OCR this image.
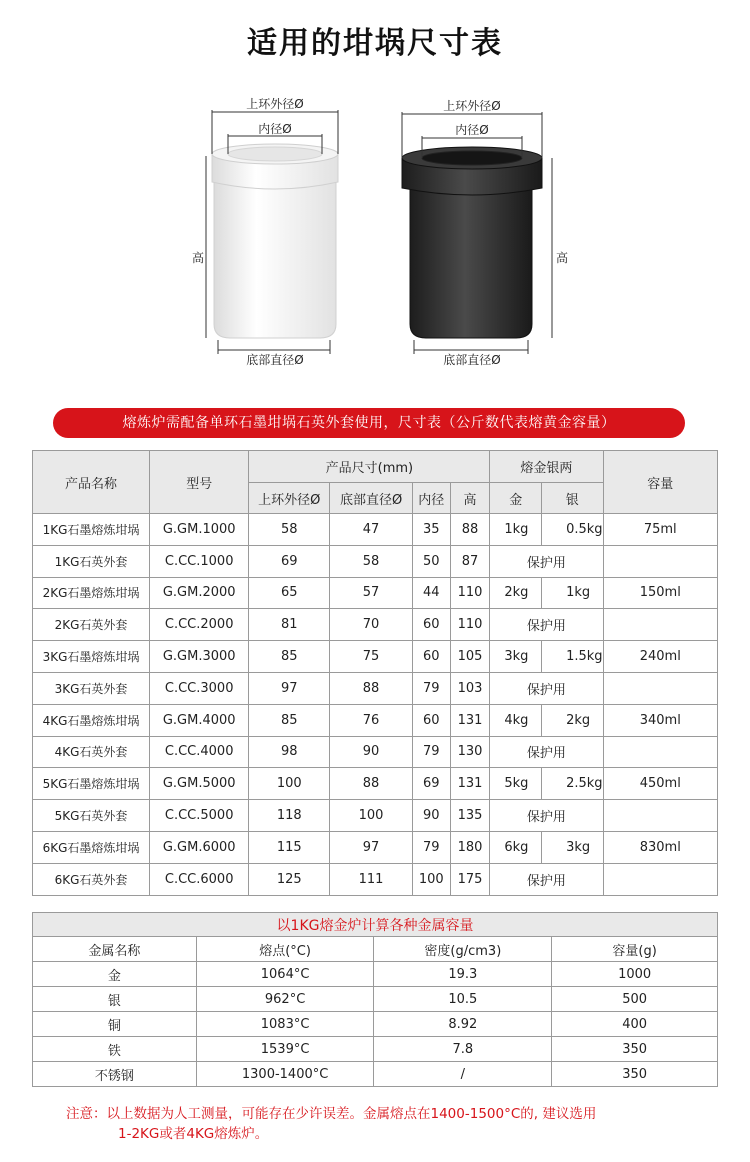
适用的坩埚尺寸表
上环外径Ø
内径Ø
高
底部直径Ø
上环外径Ø
内径Ø
高
底部直径Ø
熔炼炉需配备单环石墨坩埚石英外套使用，尺寸表（公斤数代表熔黄金容量）
产品名称	型号	产品尺寸(mm)				熔金银两		容量
		上环外径Ø	底部直径Ø	内径	高	金	银	
1KG石墨熔炼坩埚	G.GM.1000	58	47	35	88	1kg	0.5kg	75ml
1KG石英外套	C.CC.1000	69	58	50	87	保护用		
2KG石墨熔炼坩埚	G.GM.2000	65	57	44	110	2kg	1kg	150ml
2KG石英外套	C.CC.2000	81	70	60	110	保护用		
3KG石墨熔炼坩埚	G.GM.3000	85	75	60	105	3kg	1.5kg	240ml
3KG石英外套	C.CC.3000	97	88	79	103	保护用		
4KG石墨熔炼坩埚	G.GM.4000	85	76	60	131	4kg	2kg	340ml
4KG石英外套	C.CC.4000	98	90	79	130	保护用		
5KG石墨熔炼坩埚	G.GM.5000	100	88	69	131	5kg	2.5kg	450ml
5KG石英外套	C.CC.5000	118	100	90	135	保护用		
6KG石墨熔炼坩埚	G.GM.6000	115	97	79	180	6kg	3kg	830ml
6KG石英外套	C.CC.6000	125	111	100	175	保护用		
以1KG熔金炉计算各种金属容量			
金属名称	熔点(°C)	密度(g/cm3)	容量(g)
金	1064°C	19.3	1000
银	962°C	10.5	500
铜	1083°C	8.92	400
铁	1539°C	7.8	350
不锈钢	1300-1400°C	/	350
注意：以上数据为人工测量，可能存在少许误差。金属熔点在1400-1500°C的, 建议选用
1-2KG或者4KG熔炼炉。
